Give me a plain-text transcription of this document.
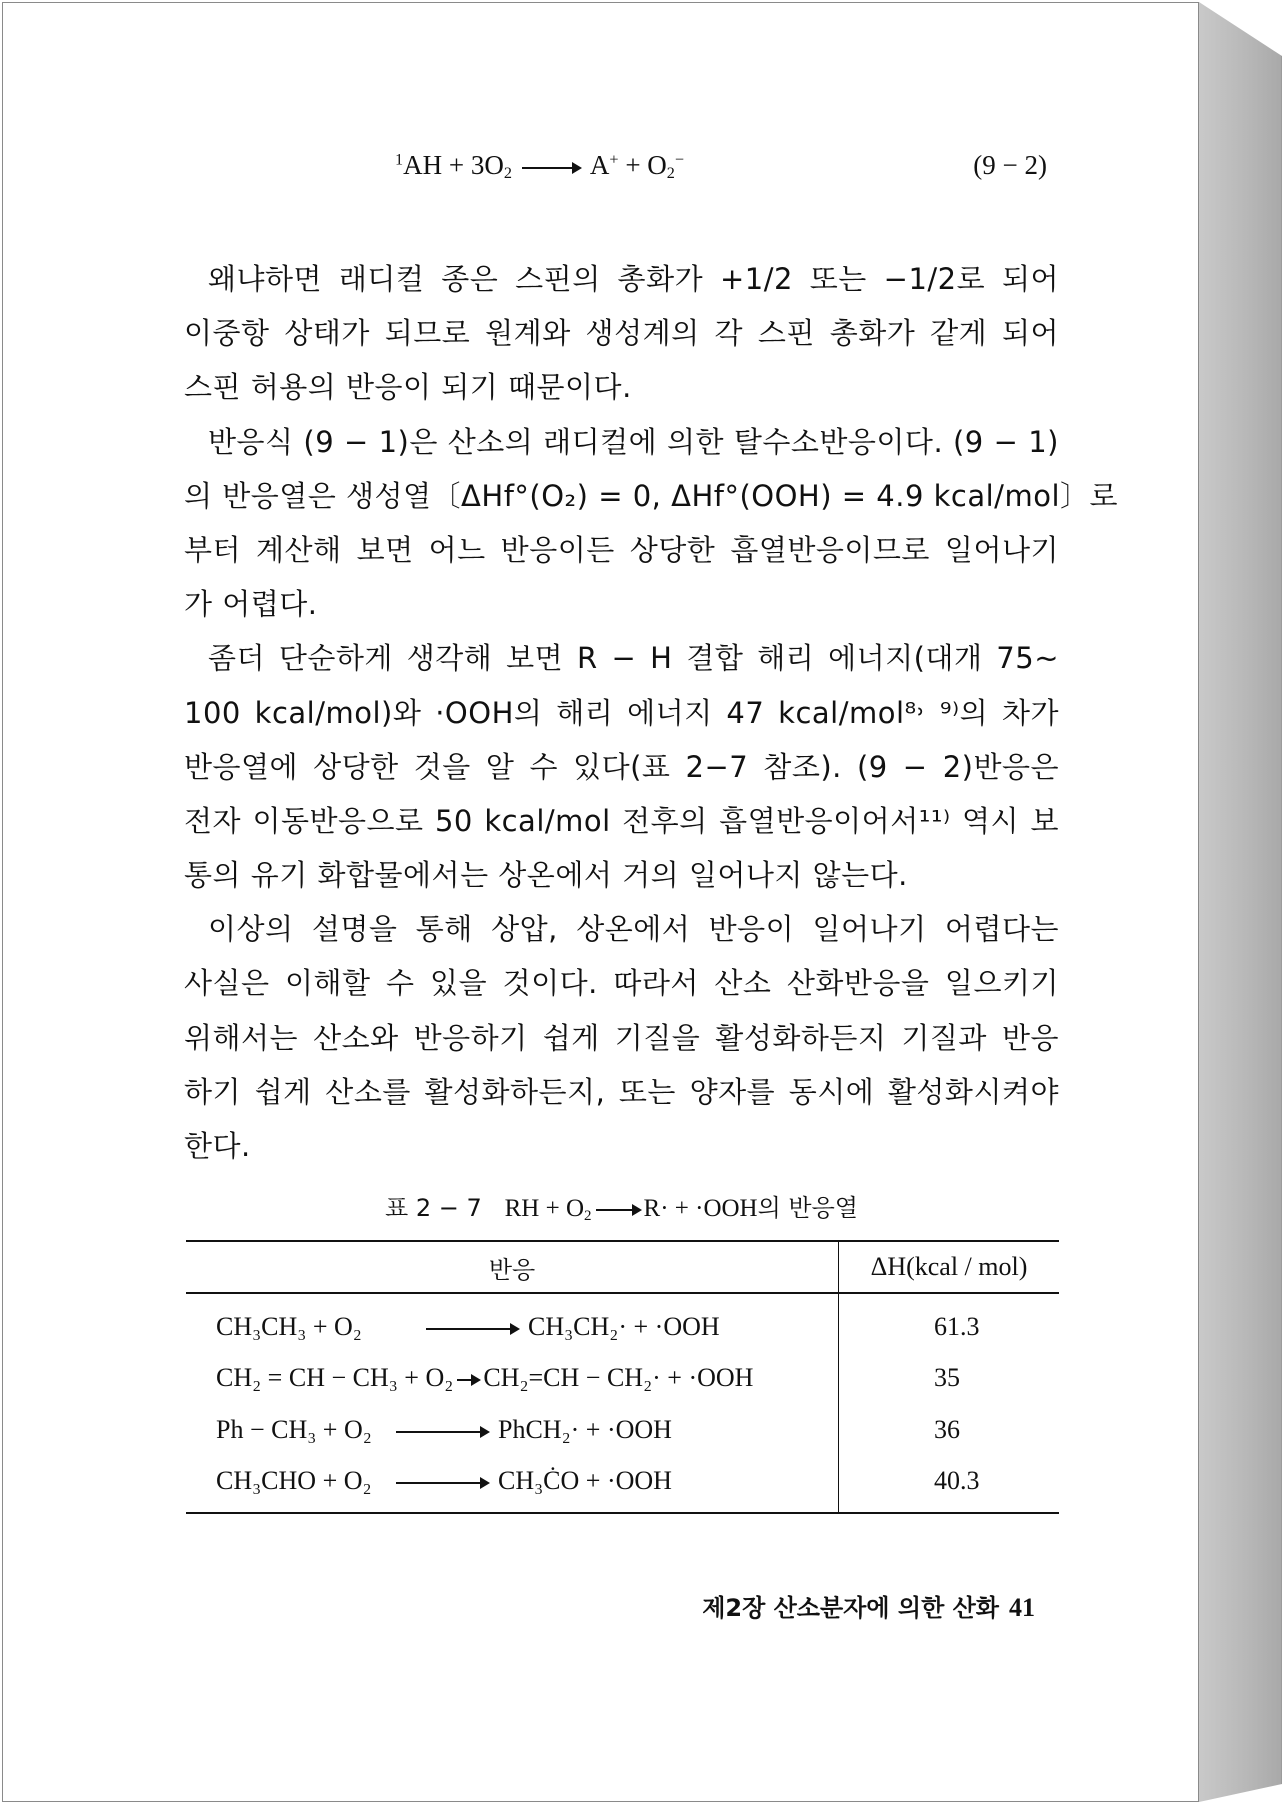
$^1AH + 3O_2 \to A^+ + O_2^-$	(9 − 2)
왜냐하면 래디컬 종은 스핀의 총화가 +1/2 또는 −1/2로 되어
이중항 상태가 되므로 원계와 생성계의 각 스핀 총화가 같게 되어
스핀 허용의 반응이 되기 때문이다.
반응식 (9 − 1)은 산소의 래디컬에 의한 탈수소반응이다. (9 − 1)
의 반응열은 생성열〔ΔHf°(O₂) = 0, ΔHf°(OOH) = 4.9 kcal/mol〕로
부터 계산해 보면 어느 반응이든 상당한 흡열반응이므로 일어나기
가 어렵다.
좀더 단순하게 생각해 보면 R − H 결합 해리 에너지(대개 75∼
100 kcal/mol)와 ·OOH의 해리 에너지 47 kcal/mol⁸˒ ⁹⁾의 차가
반응열에 상당한 것을 알 수 있다(표 2−7 참조). (9 − 2)반응은
전자 이동반응으로 50 kcal/mol 전후의 흡열반응이어서¹¹⁾ 역시 보
통의 유기 화합물에서는 상온에서 거의 일어나지 않는다.
이상의 설명을 통해 상압, 상온에서 반응이 일어나기 어렵다는
사실은 이해할 수 있을 것이다. 따라서 산소 산화반응을 일으키기
위해서는 산소와 반응하기 쉽게 기질을 활성화하든지 기질과 반응
하기 쉽게 산소를 활성화하든지, 또는 양자를 동시에 활성화시켜야
한다.
표 2 − 7 RH + $O_2 \to R\cdot + \cdot OOH$의 반응열
반응	ΔH(kcal / mol)
CH₃CH₃ + O₂ → CH₃CH₂· + ·OOH	61.3
CH₂ = CH − CH₃ + O₂ → CH₂=CH − CH₂· + ·OOH	35
Ph − CH₃ + O₂ → PhCH₂· + ·OOH	36
CH₃CHO + O₂ → CH₃ĊO + ·OOH	40.3
제2장 산소분자에 의한 산화 41
